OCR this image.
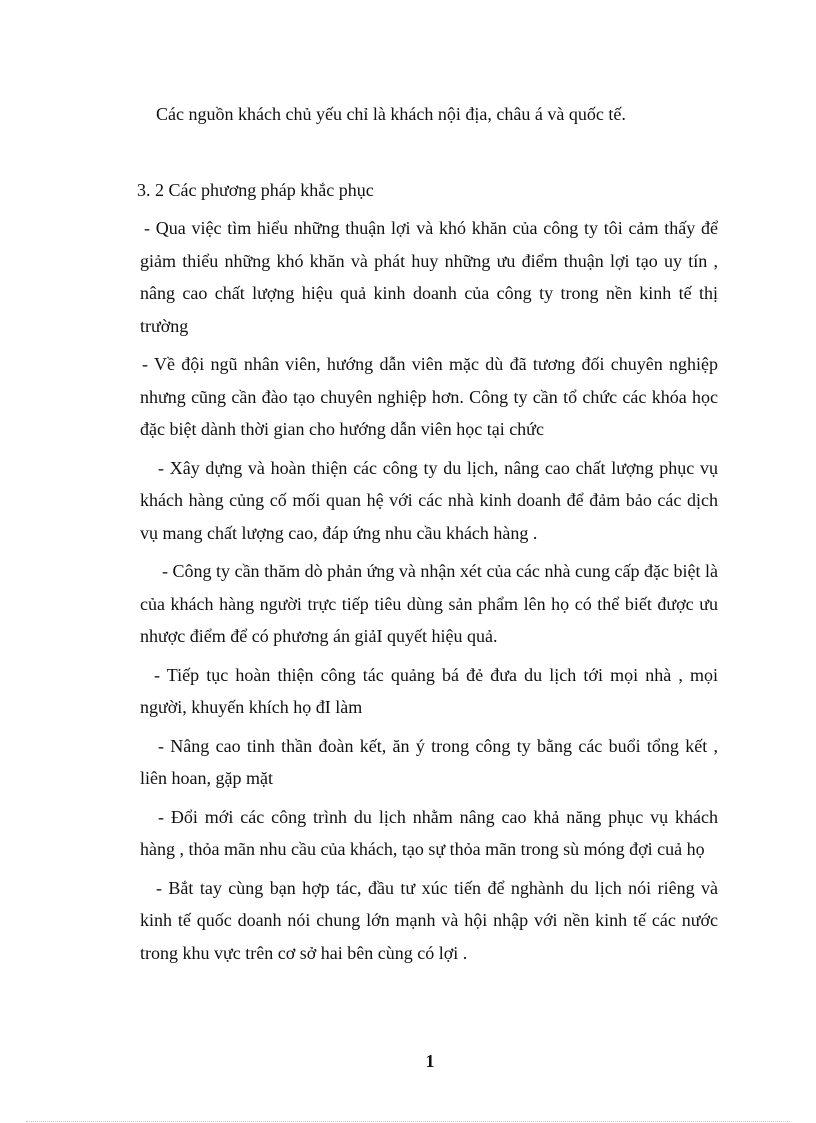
Các nguồn khách chủ yếu chỉ là khách nội địa, châu á và quốc tế.

3. 2 Các phương pháp khắc phục

- Qua việc tìm hiểu những thuận lợi và khó khăn của công ty tôi cảm thấy để giảm thiểu những khó khăn và phát huy những ưu điểm thuận lợi tạo uy tín , nâng cao chất lượng hiệu quả kinh doanh của công ty trong nền kinh tế thị trường

- Về đội ngũ nhân viên, hướng dẫn viên mặc dù đã tương đối chuyên nghiệp nhưng cũng cần đào tạo chuyên nghiệp hơn. Công ty cần tổ chức các khóa học đặc biệt dành thời gian cho hướng dẫn viên học tại chức

- Xây dựng và hoàn thiện các công ty du lịch, nâng cao chất lượng phục vụ khách hàng củng cố mối quan hệ với các nhà kinh doanh để đảm bảo các dịch vụ mang chất lượng cao, đáp ứng nhu cầu khách hàng .

- Công ty cần thăm dò phản ứng và nhận xét của các nhà cung cấp đặc biệt là của khách hàng người trực tiếp tiêu dùng sản phẩm lên họ có thể biết được ưu nhược điểm để có phương án giảI quyết hiệu quả.

- Tiếp tục hoàn thiện công tác quảng bá đẻ đưa du lịch tới mọi nhà , mọi người, khuyến khích họ đI làm

- Nâng cao tinh thần đoàn kết, ăn ý trong công ty bằng các buổi tổng kết , liên hoan, gặp mặt

- Đổi mới các công trình du lịch nhằm nâng cao khả năng phục vụ khách hàng , thỏa mãn nhu cầu của khách, tạo sự thỏa mãn trong sù móng đợi cuả họ

- Bắt tay cùng bạn hợp tác, đầu tư xúc tiến để nghành du lịch nói riêng và kinh tế quốc doanh nói chung lớn mạnh và hội nhập với nền kinh tế các nước trong khu vực trên cơ sở hai bên cùng có lợi .

1
